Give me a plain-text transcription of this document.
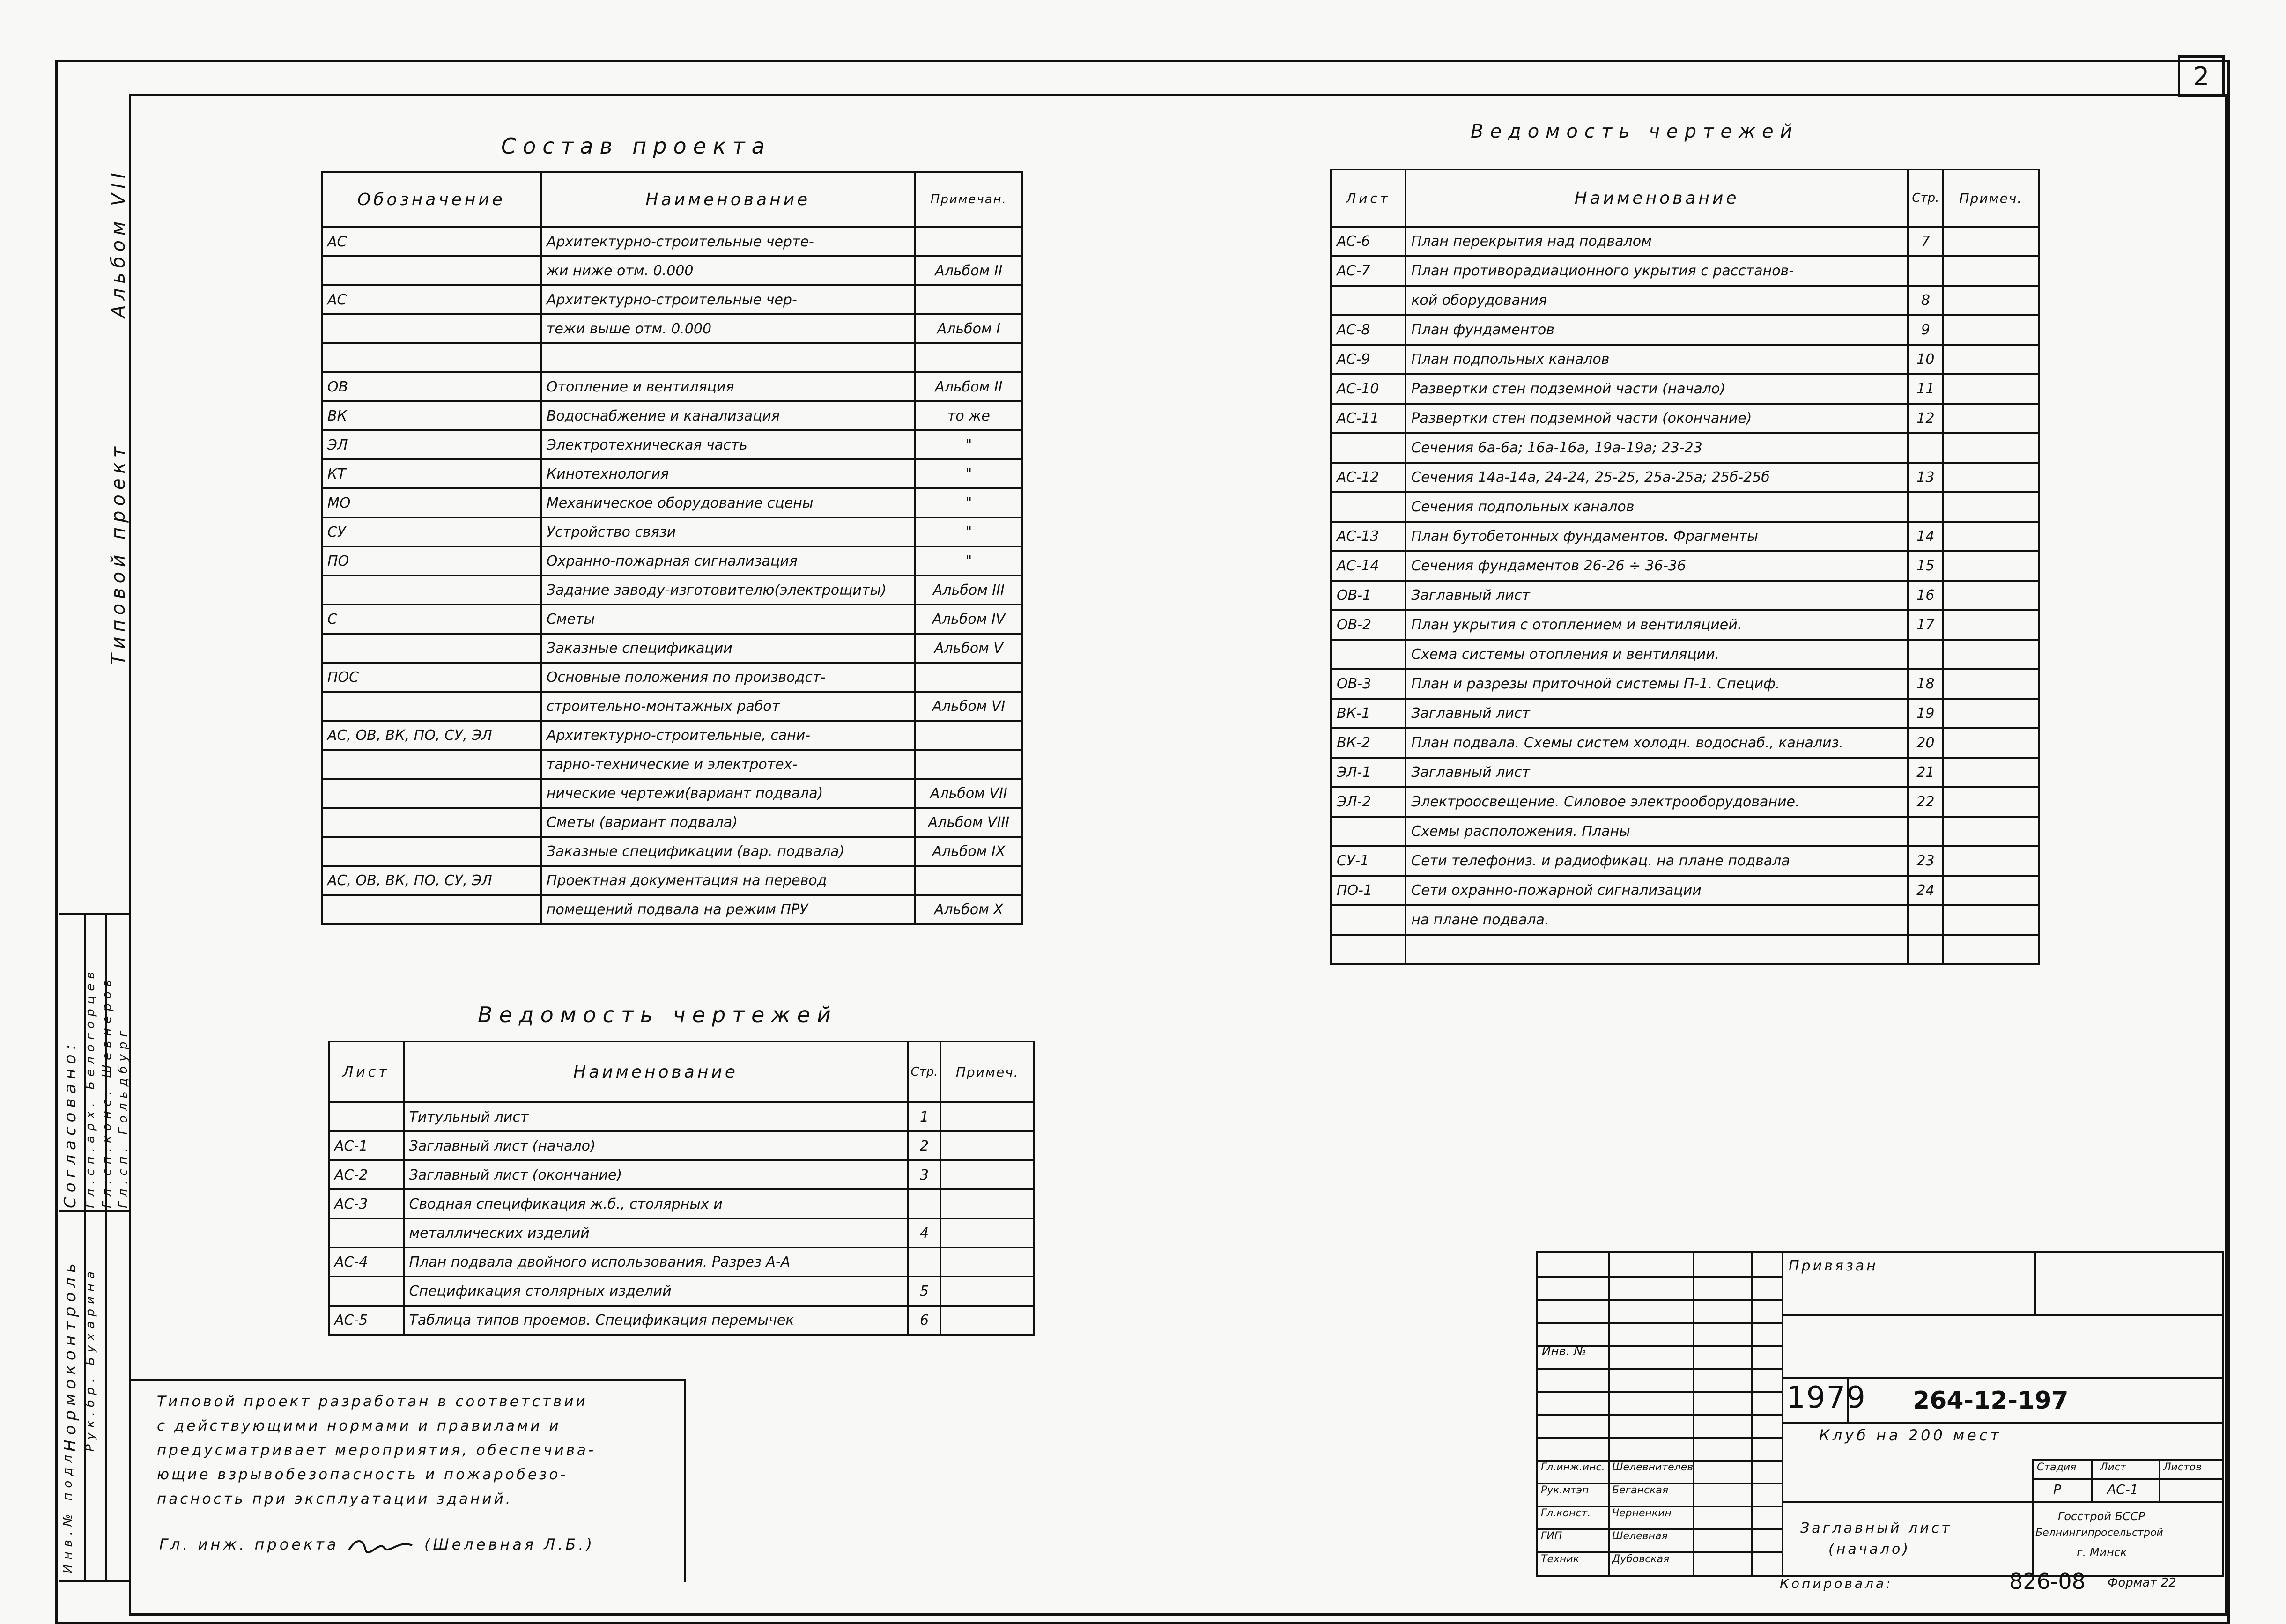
2
Типовой проект  Альбом VII
Согласовано: Гл.сп.арх. Белогорцев
Гл.сп.конс. Шевнеров
Гл.сп. Гольдбург
Нормоконтроль Рук.бр. Бухарина
Инв.№ подл.
Состав проекта
Обозначение	Наименование	Примечан.
АС	Архитектурно-строительные черте-	
	жи ниже отм. 0.000	Альбом II
АС	Архитектурно-строительные чер-	
	тежи выше отм. 0.000	Альбом I

ОВ	Отопление и вентиляция	Альбом II
ВК	Водоснабжение и канализация	то же
ЭЛ	Электротехническая часть	"
КТ	Кинотехнология	"
МО	Механическое оборудование сцены	"
СУ	Устройство связи	"
ПО	Охранно-пожарная сигнализация	"
	Задание заводу-изготовителю(электрощиты)	Альбом III
С	Сметы	Альбом IV
	Заказные спецификации	Альбом V
ПОС	Основные положения по производст-	
	строительно-монтажных работ	Альбом VI
АС, ОВ, ВК, ПО, СУ, ЭЛ	Архитектурно-строительные, сани-	
	тарно-технические и электротех-	
	нические чертежи(вариант подвала)	Альбом VII
	Сметы (вариант подвала)	Альбом VIII
	Заказные спецификации (вар. подвала)	Альбом IX
АС, ОВ, ВК, ПО, СУ, ЭЛ	Проектная документация на перевод	
	помещений подвала на режим ПРУ	Альбом X
Ведомость чертежей
Лист	Наименование	Стр.	Примеч.
	Титульный лист	1	
АС-1	Заглавный лист (начало)	2	
АС-2	Заглавный лист (окончание)	3	
АС-3	Сводная спецификация ж.б., столярных и		
	металлических изделий	4	
АС-4	План подвала двойного использования. Разрез А-А		
	Спецификация столярных изделий	5	
АС-5	Таблица типов проемов. Спецификация перемычек	6	
Ведомость чертежей
Лист	Наименование	Стр.	Примеч.
АС-6	План перекрытия над подвалом	7	
АС-7	План противорадиационного укрытия с расстанов-		
	кой оборудования	8	
АС-8	План фундаментов	9	
АС-9	План подпольных каналов	10	
АС-10	Развертки стен подземной части (начало)	11	
АС-11	Развертки стен подземной части (окончание)	12	
	Сечения 6а-6а; 16а-16а, 19а-19а; 23-23		
АС-12	Сечения 14а-14а, 24-24, 25-25, 25а-25а; 25б-25б	13	
	Сечения подпольных каналов		
АС-13	План бутобетонных фундаментов. Фрагменты	14	
АС-14	Сечения фундаментов 26-26 ÷ 36-36	15	
ОВ-1	Заглавный лист	16	
ОВ-2	План укрытия с отоплением и вентиляцией.	17	
	Схема системы отопления и вентиляции.		
ОВ-3	План и разрезы приточной системы П-1. Специф.	18	
ВК-1	Заглавный лист	19	
ВК-2	План подвала. Схемы систем холодн. водоснаб., канализ.	20	
ЭЛ-1	Заглавный лист	21	
ЭЛ-2	Электроосвещение. Силовое электрооборудование.	22	
	Схемы расположения. Планы		
СУ-1	Сети телефониз. и радиофикац. на плане подвала	23	
ПО-1	Сети охранно-пожарной сигнализации	24	
	на плане подвала.		

Типовой проект разработан в соответствии
с действующими нормами и правилами и
предусматривает мероприятия, обеспечива-
ющие взрывобезопасность и пожаробезо-
пасность при эксплуатации зданий.
Гл. инж. проекта	(Шелевная Л.Б.)
Инв. №
Гл.инж.инс. Шелевнителев
Рук.мтэп Беганская
Гл.конст. Черненкин
ГИП	Шелевная
Техник	Дубовская
Привязан
1979 264-12-197
Клуб на 200 мест
Стадия Лист	Листов
Р	АС-1
Заглавный лист
(начало)
Госстрой БССР
Белнингипросельстрой
г. Минск
Копировала:	826-08 Формат 22
